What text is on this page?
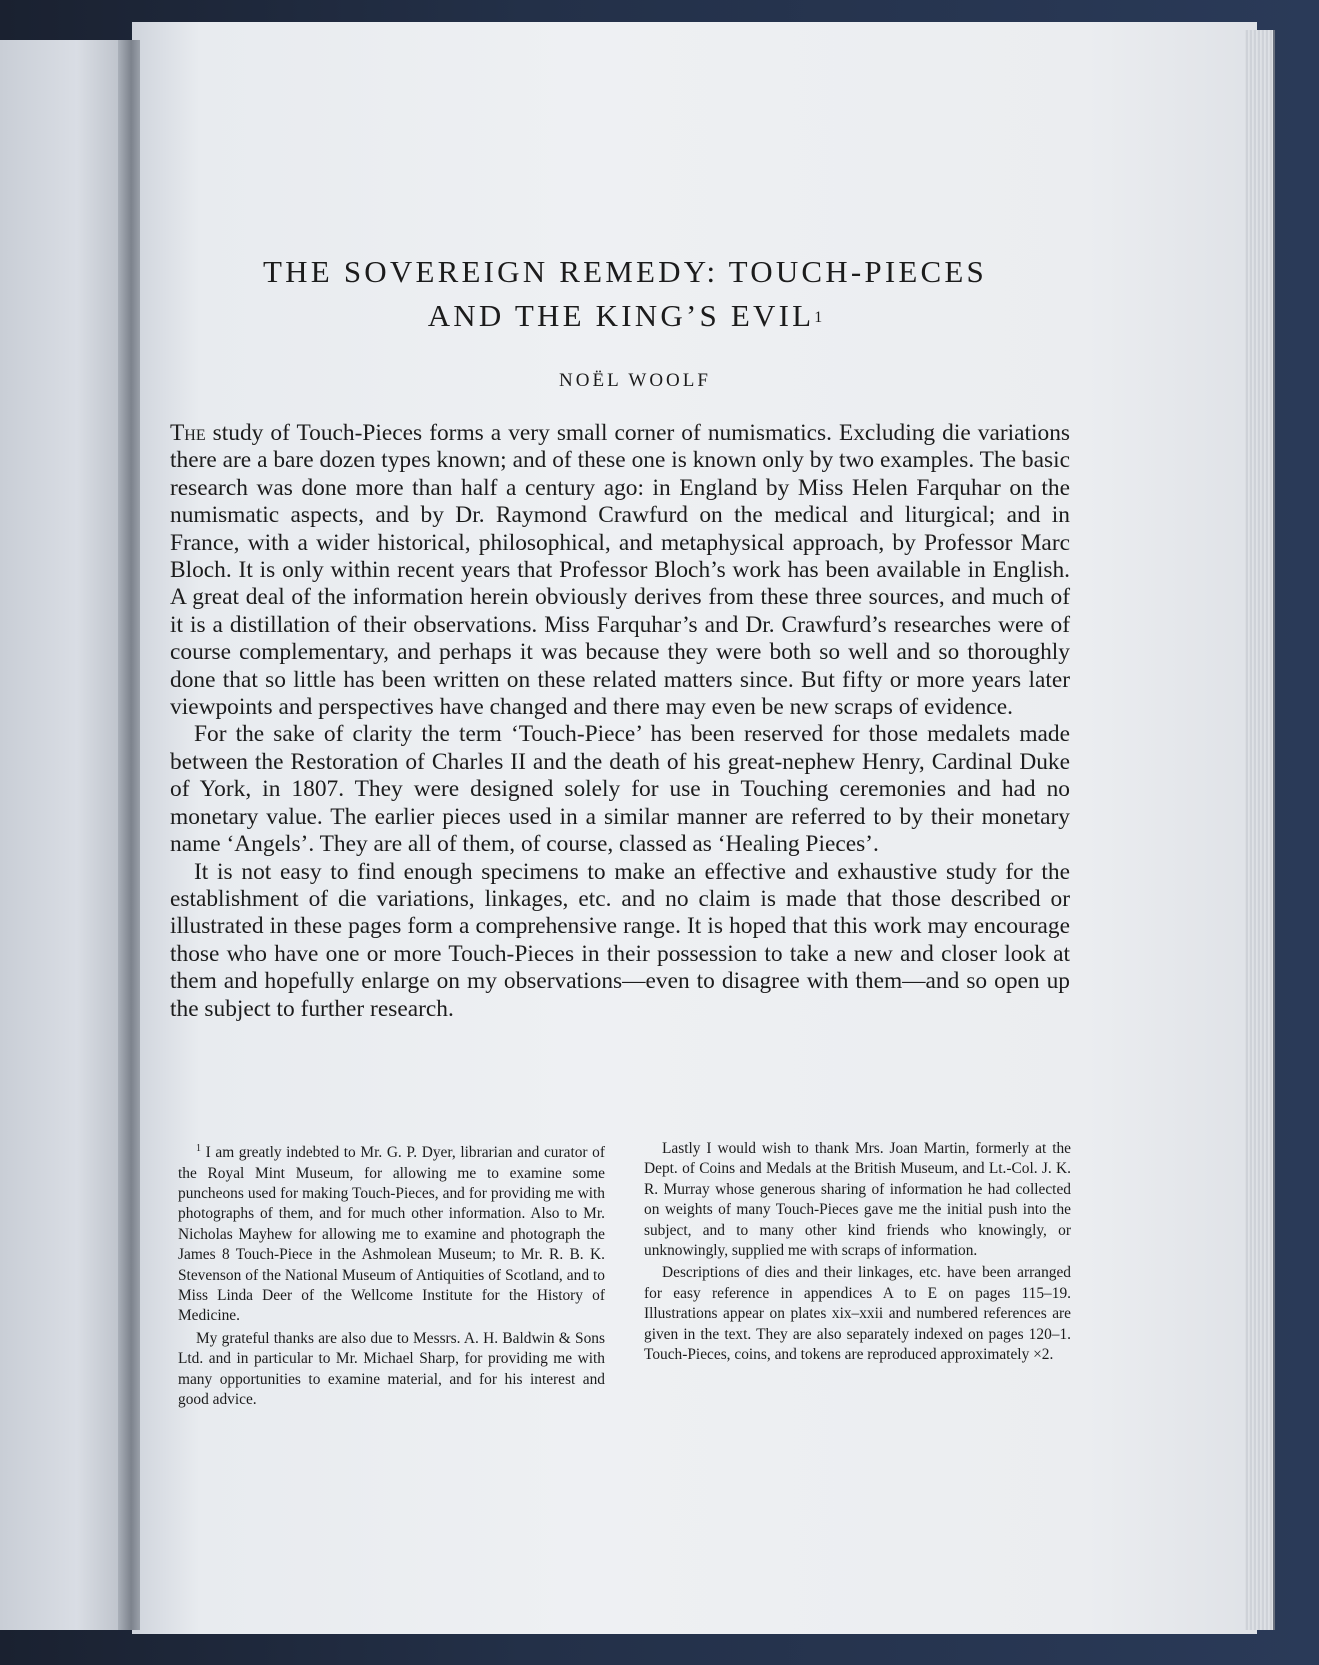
THE SOVEREIGN REMEDY: TOUCH-PIECES
AND THE KING’S EVIL$^1$
NOËL WOOLF

The study of Touch-Pieces forms a very small corner of numismatics. Excluding die variations there are a bare dozen types known; and of these one is known only by two examples. The basic research was done more than half a century ago: in England by Miss Helen Farquhar on the numismatic aspects, and by Dr. Raymond Crawfurd on the medical and liturgical; and in France, with a wider historical, philosophical, and metaphysical approach, by Professor Marc Bloch. It is only within recent years that Professor Bloch’s work has been available in English. A great deal of the information herein obviously derives from these three sources, and much of it is a distillation of their observations. Miss Farquhar’s and Dr. Crawfurd’s researches were of course complementary, and perhaps it was because they were both so well and so thoroughly done that so little has been written on these related matters since. But fifty or more years later viewpoints and perspectives have changed and there may even be new scraps of evidence.

For the sake of clarity the term ‘Touch-Piece’ has been reserved for those medalets made between the Restoration of Charles II and the death of his great-nephew Henry, Cardinal Duke of York, in 1807. They were designed solely for use in Touching ceremonies and had no monetary value. The earlier pieces used in a similar manner are referred to by their monetary name ‘Angels’. They are all of them, of course, classed as ‘Healing Pieces’.

It is not easy to find enough specimens to make an effective and exhaustive study for the establishment of die variations, linkages, etc. and no claim is made that those described or illustrated in these pages form a comprehensive range. It is hoped that this work may encourage those who have one or more Touch-Pieces in their possession to take a new and closer look at them and hopefully enlarge on my observations—even to disagree with them—and so open up the subject to further research.

$^1$ I am greatly indebted to Mr. G. P. Dyer, librarian and curator of the Royal Mint Museum, for allowing me to examine some puncheons used for making Touch-Pieces, and for providing me with photographs of them, and for much other information. Also to Mr. Nicholas Mayhew for allowing me to examine and photograph the James 8 Touch-Piece in the Ashmolean Museum; to Mr. R. B. K. Stevenson of the National Museum of Antiquities of Scotland, and to Miss Linda Deer of the Wellcome Institute for the History of Medicine.

My grateful thanks are also due to Messrs. A. H. Baldwin & Sons Ltd. and in particular to Mr. Michael Sharp, for providing me with many opportunities to examine material, and for his interest and good advice.

Lastly I would wish to thank Mrs. Joan Martin, formerly at the Dept. of Coins and Medals at the British Museum, and Lt.-Col. J. K. R. Murray whose generous sharing of information he had collected on weights of many Touch-Pieces gave me the initial push into the subject, and to many other kind friends who knowingly, or unknowingly, supplied me with scraps of information.

Descriptions of dies and their linkages, etc. have been arranged for easy reference in appendices A to E on pages 115–19. Illustrations appear on plates xix–xxii and numbered references are given in the text. They are also separately indexed on pages 120–1. Touch-Pieces, coins, and tokens are reproduced approximately ×2.
